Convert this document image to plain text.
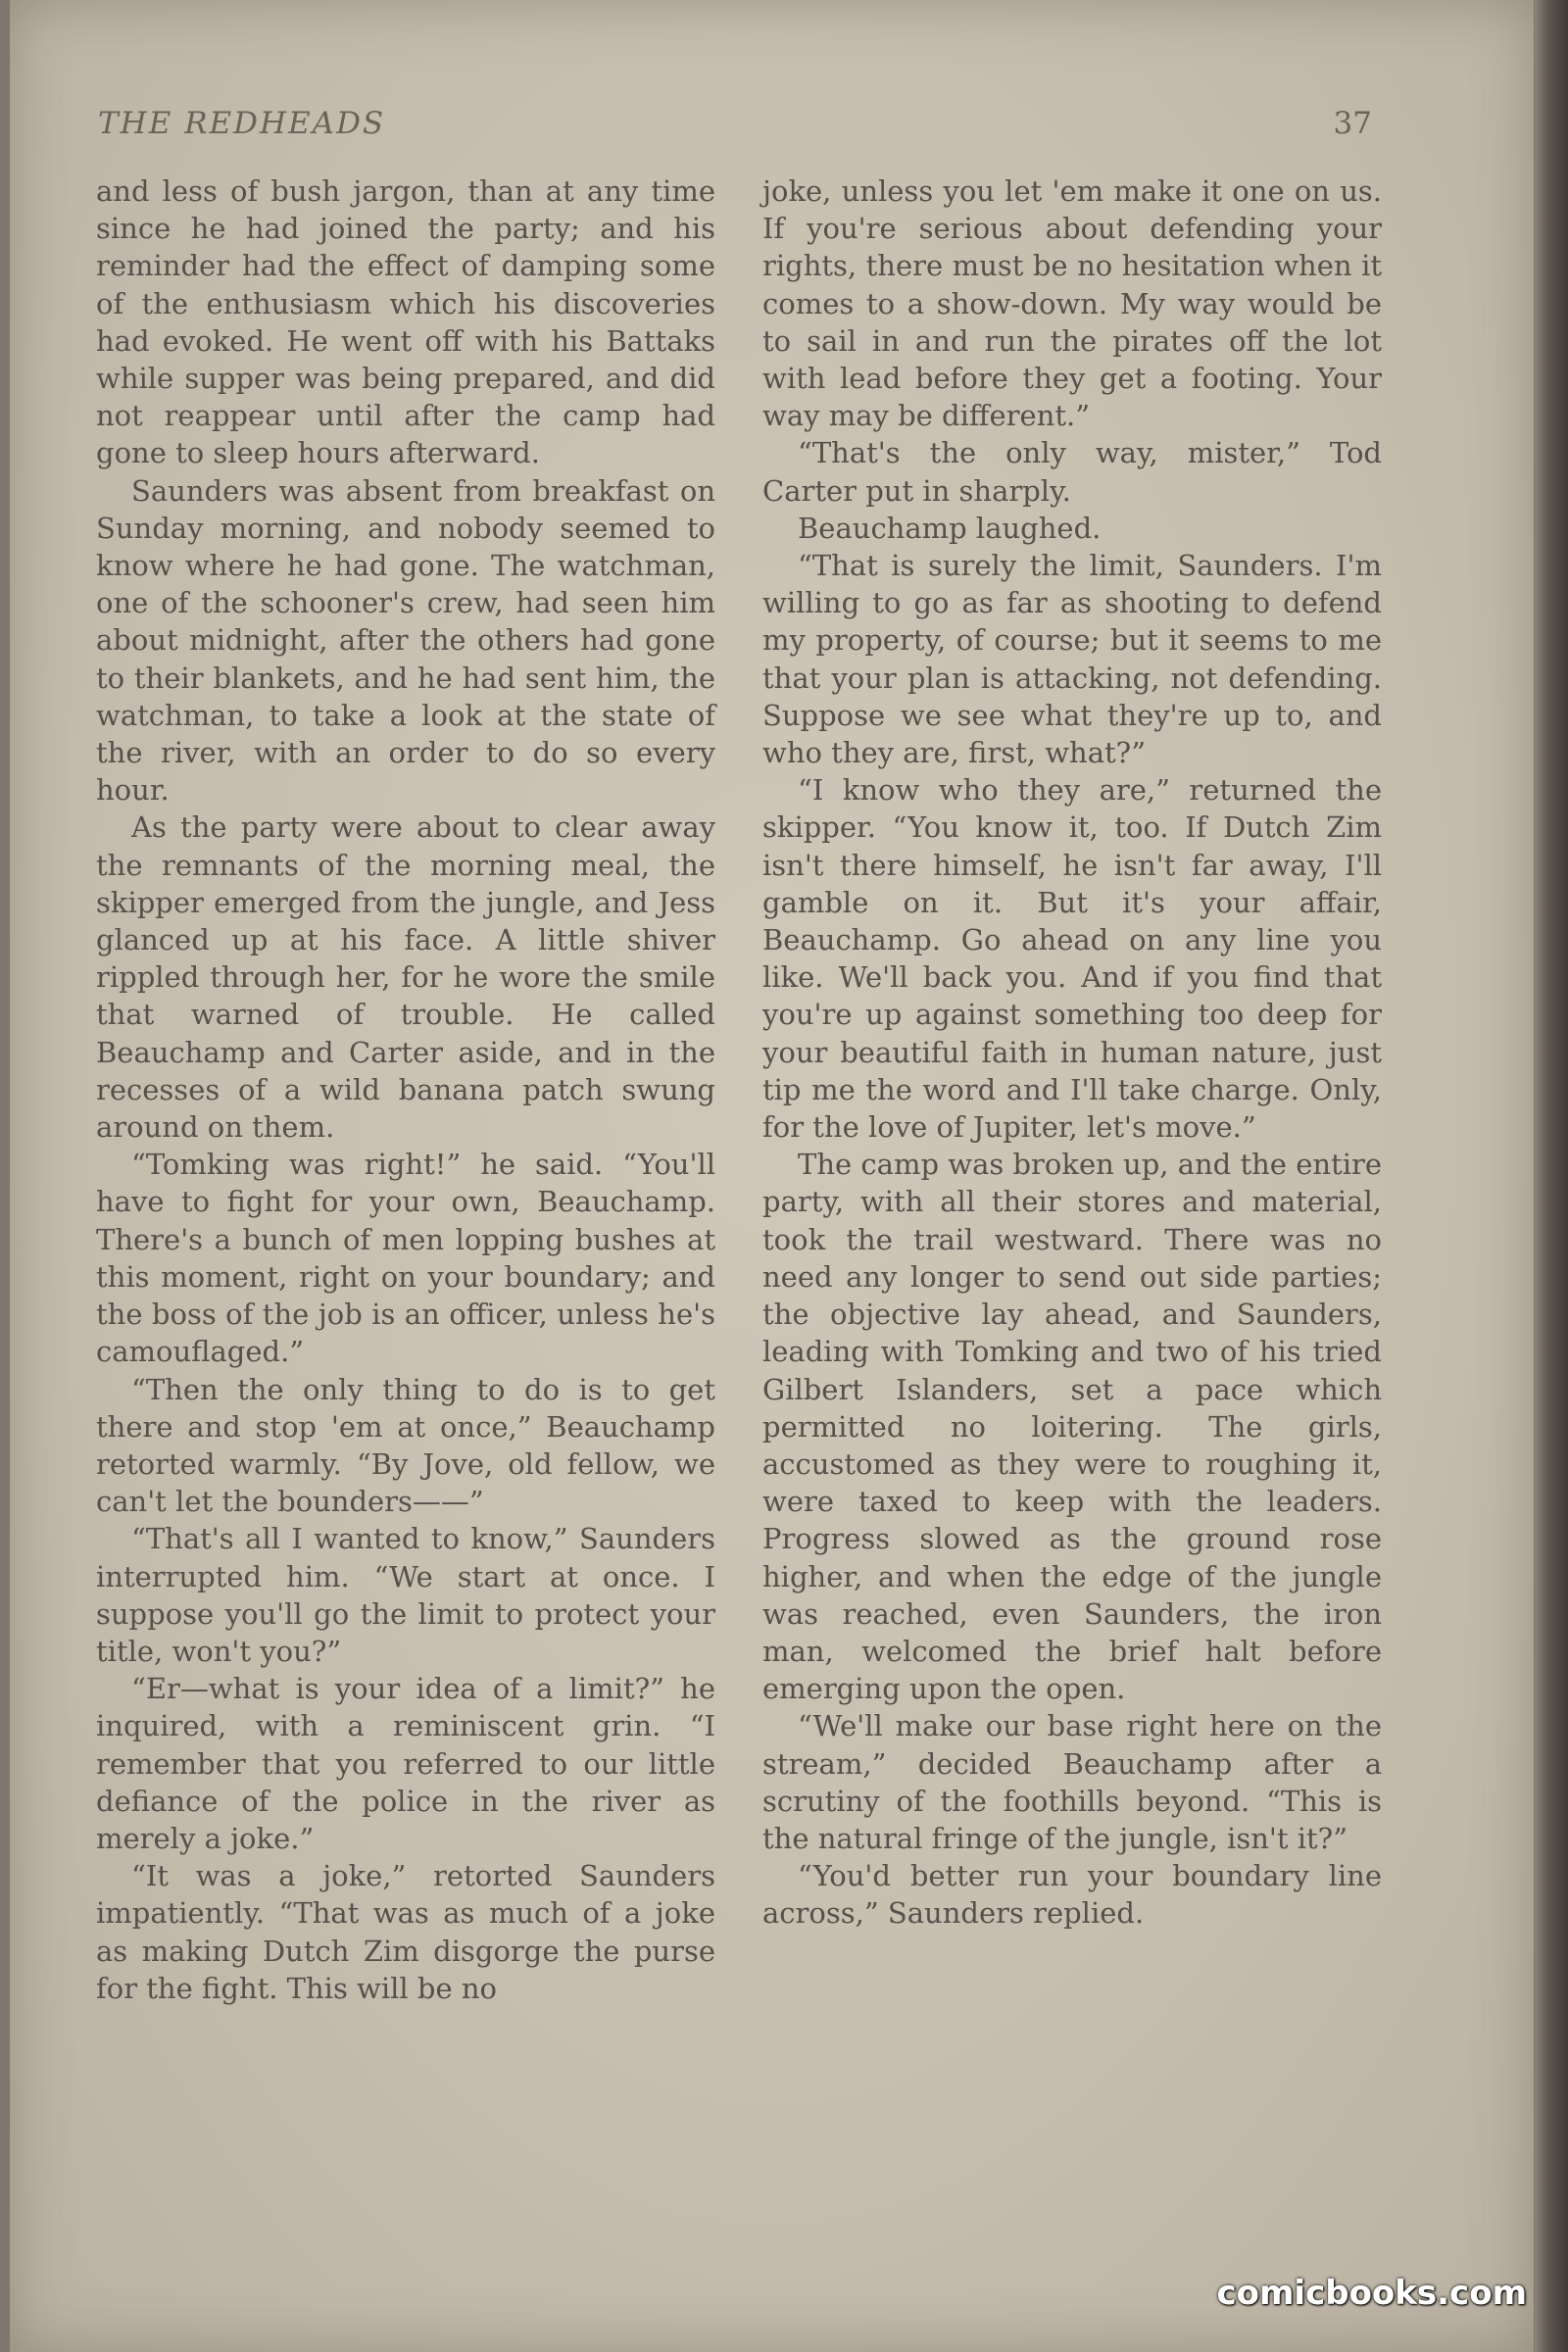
THE REDHEADS	37

and less of bush jargon, than at any time since he had joined the party; and his reminder had the effect of damping some of the enthusiasm which his discoveries had evoked. He went off with his Battaks while supper was being prepared, and did not reappear until after the camp had gone to sleep hours afterward.

Saunders was absent from breakfast on Sunday morning, and nobody seemed to know where he had gone. The watchman, one of the schooner's crew, had seen him about midnight, after the others had gone to their blankets, and he had sent him, the watchman, to take a look at the state of the river, with an order to do so every hour.

As the party were about to clear away the remnants of the morning meal, the skipper emerged from the jungle, and Jess glanced up at his face. A little shiver rippled through her, for he wore the smile that warned of trouble. He called Beauchamp and Carter aside, and in the recesses of a wild banana patch swung around on them.

“Tomking was right!” he said. “You'll have to fight for your own, Beauchamp. There's a bunch of men lopping bushes at this moment, right on your boundary; and the boss of the job is an officer, unless he's camouflaged.”

“Then the only thing to do is to get there and stop 'em at once,” Beauchamp retorted warmly. “By Jove, old fellow, we can't let the bounders——”

“That's all I wanted to know,” Saunders interrupted him. “We start at once. I suppose you'll go the limit to protect your title, won't you?”

“Er—what is your idea of a limit?” he inquired, with a reminiscent grin. “I remember that you referred to our little defiance of the police in the river as merely a joke.”

“It was a joke,” retorted Saunders impatiently. “That was as much of a joke as making Dutch Zim disgorge the purse for the fight. This will be no

joke, unless you let 'em make it one on us. If you're serious about defending your rights, there must be no hesitation when it comes to a show-down. My way would be to sail in and run the pirates off the lot with lead before they get a footing. Your way may be different.”

“That's the only way, mister,” Tod Carter put in sharply.

Beauchamp laughed.

“That is surely the limit, Saunders. I'm willing to go as far as shooting to defend my property, of course; but it seems to me that your plan is attacking, not defending. Suppose we see what they're up to, and who they are, first, what?”

“I know who they are,” returned the skipper. “You know it, too. If Dutch Zim isn't there himself, he isn't far away, I'll gamble on it. But it's your affair, Beauchamp. Go ahead on any line you like. We'll back you. And if you find that you're up against something too deep for your beautiful faith in human nature, just tip me the word and I'll take charge. Only, for the love of Jupiter, let's move.”

The camp was broken up, and the entire party, with all their stores and material, took the trail westward. There was no need any longer to send out side parties; the objective lay ahead, and Saunders, leading with Tomking and two of his tried Gilbert Islanders, set a pace which permitted no loitering. The girls, accustomed as they were to roughing it, were taxed to keep with the leaders. Progress slowed as the ground rose higher, and when the edge of the jungle was reached, even Saunders, the iron man, welcomed the brief halt before emerging upon the open.

“We'll make our base right here on the stream,” decided Beauchamp after a scrutiny of the foothills beyond. “This is the natural fringe of the jungle, isn't it?”

“You'd better run your boundary line across,” Saunders replied.

comicbooks.com
